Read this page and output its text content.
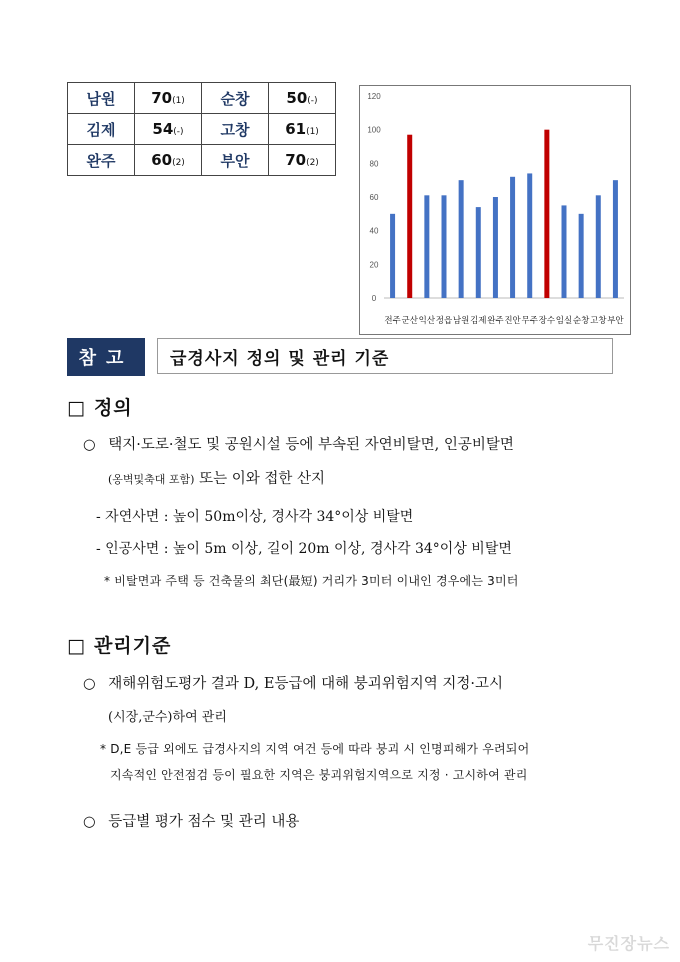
남원	70(1)	순창	50(-)
김제	54(-)	고창	61(1)
완주	60(2)	부안	70(2)
0
20
40
60
80
100
120
전주 군산 익산 정읍 남원 김제 완주 진안 무주 장수 임실 순창 고창 부안
참고	급경사지 정의 및 관리 기준
□ 정의
○ 택지·도로·철도 및 공원시설 등에 부속된 자연비탈면, 인공비탈면
(옹벽및축대 포함) 또는 이와 접한 산지
- 자연사면 : 높이 50m이상, 경사각 34°이상 비탈면
- 인공사면 : 높이 5m 이상, 길이 20m 이상, 경사각 34°이상 비탈면
* 비탈면과 주택 등 건축물의 최단(最短) 거리가 3미터 이내인 경우에는 3미터
□ 관리기준
○ 재해위험도평가 결과 D, E등급에 대해 붕괴위험지역 지정·고시
(시장,군수)하여 관리
* D,E 등급 외에도 급경사지의 지역 여건 등에 따라 붕괴 시 인명피해가 우려되어
지속적인 안전점검 등이 필요한 지역은 붕괴위험지역으로 지정 · 고시하여 관리
○ 등급별 평가 점수 및 관리 내용
무진장뉴스
